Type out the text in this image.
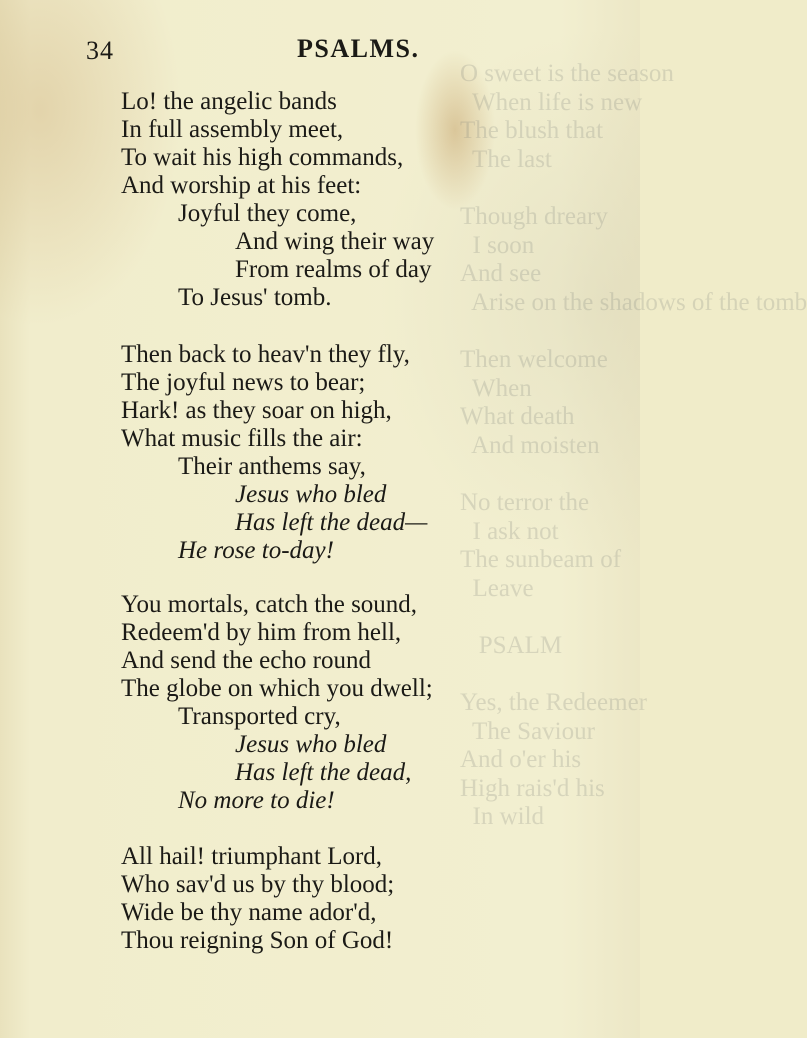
O sweet is the season
When life is new
The blush that
The last

Though dreary
I soon
And see
Arise on the shadows of the tomb

Then welcome
When
What death
And moisten

No terror the
I ask not
The sunbeam of
Leave

PSALM

Yes, the Redeemer
The Saviour
And o'er his
High rais'd his
In wild

34	PSALMS.
Lo! the angelic bands
In full assembly meet,
To wait his high commands,
And worship at his feet:
Joyful they come,
And wing their way
From realms of day
To Jesus' tomb.
Then back to heav'n they fly,
The joyful news to bear;
Hark! as they soar on high,
What music fills the air:
Their anthems say,
Jesus who bled
Has left the dead—
He rose to-day!
You mortals, catch the sound,
Redeem'd by him from hell,
And send the echo round
The globe on which you dwell;
Transported cry,
Jesus who bled
Has left the dead,
No more to die!
All hail! triumphant Lord,
Who sav'd us by thy blood;
Wide be thy name ador'd,
Thou reigning Son of God!
